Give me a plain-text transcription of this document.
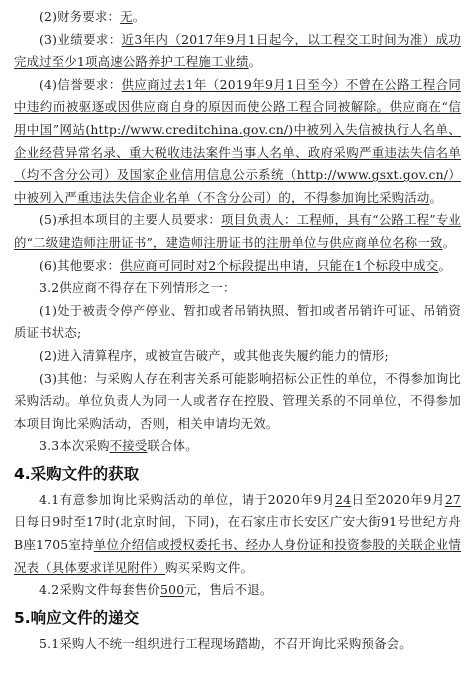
(2)财务要求：无。

(3)业绩要求：近3年内（2017年9月1日起今，以工程交工时间为准）成功完成过至少1项高速公路养护工程施工业绩。

(4)信誉要求：供应商过去1年（2019年9月1日至今）不曾在公路工程合同中违约而被驱逐或因供应商自身的原因而使公路工程合同被解除。供应商在“信用中国”网站(http://www.creditchina.gov.cn/)中被列入失信被执行人名单、企业经营异常名录、重大税收违法案件当事人名单、政府采购严重违法失信名单（均不含分公司）及国家企业信用信息公示系统（http://www.gsxt.gov.cn/）中被列入严重违法失信企业名单（不含分公司）的，不得参加询比采购活动。

(5)承担本项目的主要人员要求：项目负责人：工程师，具有“公路工程”专业的“二级建造师注册证书”，建造师注册证书的注册单位与供应商单位名称一致。

(6)其他要求：供应商可同时对2个标段提出申请，只能在1个标段中成交。

3.2供应商不得存在下列情形之一：

(1)处于被责令停产停业、暂扣或者吊销执照、暂扣或者吊销许可证、吊销资质证书状态;

(2)进入清算程序，或被宣告破产，或其他丧失履约能力的情形;

(3)其他：与采购人存在利害关系可能影响招标公正性的单位，不得参加询比采购活动。单位负责人为同一人或者存在控股、管理关系的不同单位，不得参加本项目询比采购活动，否则，相关申请均无效。

3.3本次采购不接受联合体。

4.采购文件的获取

4.1有意参加询比采购活动的单位，请于2020年9月24日至2020年9月27日每日9时至17时(北京时间，下同)，在石家庄市长安区广安大街91号世纪方舟B座1705室持单位介绍信或授权委托书、经办人身份证和投资参股的关联企业情况表（具体要求详见附件）购买采购文件。

4.2采购文件每套售价500元，售后不退。

5.响应文件的递交

5.1采购人不统一组织进行工程现场踏勘，不召开询比采购预备会。
